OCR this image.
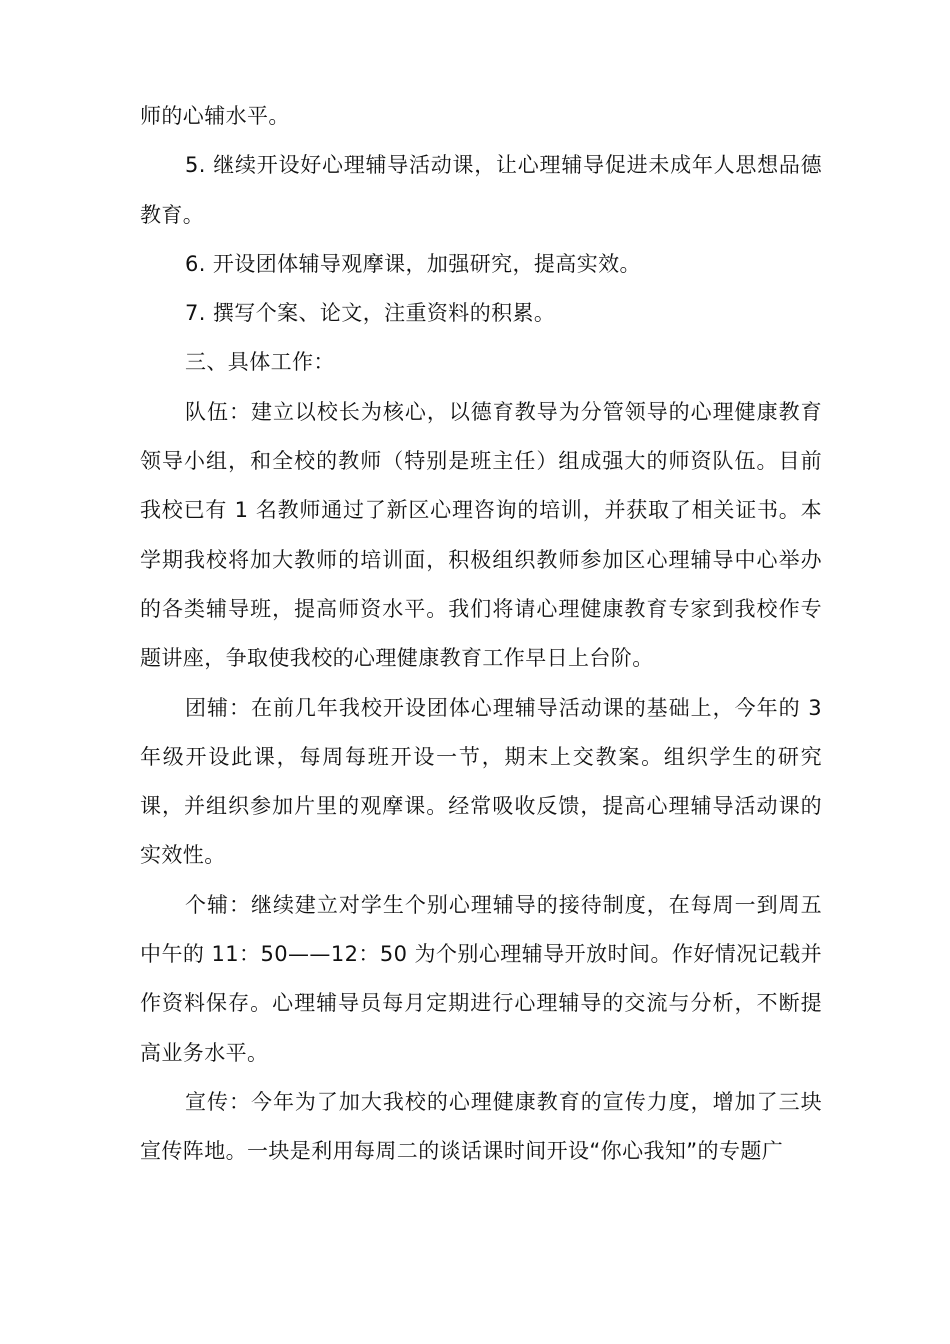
师的心辅水平。

5. 继续开设好心理辅导活动课，让心理辅导促进未成年人思想品德教育。

6. 开设团体辅导观摩课，加强研究，提高实效。

7. 撰写个案、论文，注重资料的积累。

三、具体工作：

队伍：建立以校长为核心，以德育教导为分管领导的心理健康教育领导小组，和全校的教师（特别是班主任）组成强大的师资队伍。目前我校已有 1 名教师通过了新区心理咨询的培训，并获取了相关证书。本学期我校将加大教师的培训面，积极组织教师参加区心理辅导中心举办的各类辅导班，提高师资水平。我们将请心理健康教育专家到我校作专题讲座，争取使我校的心理健康教育工作早日上台阶。

团辅：在前几年我校开设团体心理辅导活动课的基础上，今年的 3 年级开设此课，每周每班开设一节，期末上交教案。组织学生的研究课，并组织参加片里的观摩课。经常吸收反馈，提高心理辅导活动课的实效性。

个辅：继续建立对学生个别心理辅导的接待制度，在每周一到周五中午的 11：50——12：50 为个别心理辅导开放时间。作好情况记载并作资料保存。心理辅导员每月定期进行心理辅导的交流与分析，不断提高业务水平。

宣传：今年为了加大我校的心理健康教育的宣传力度，增加了三块宣传阵地。一块是利用每周二的谈话课时间开设“你心我知”的专题广
